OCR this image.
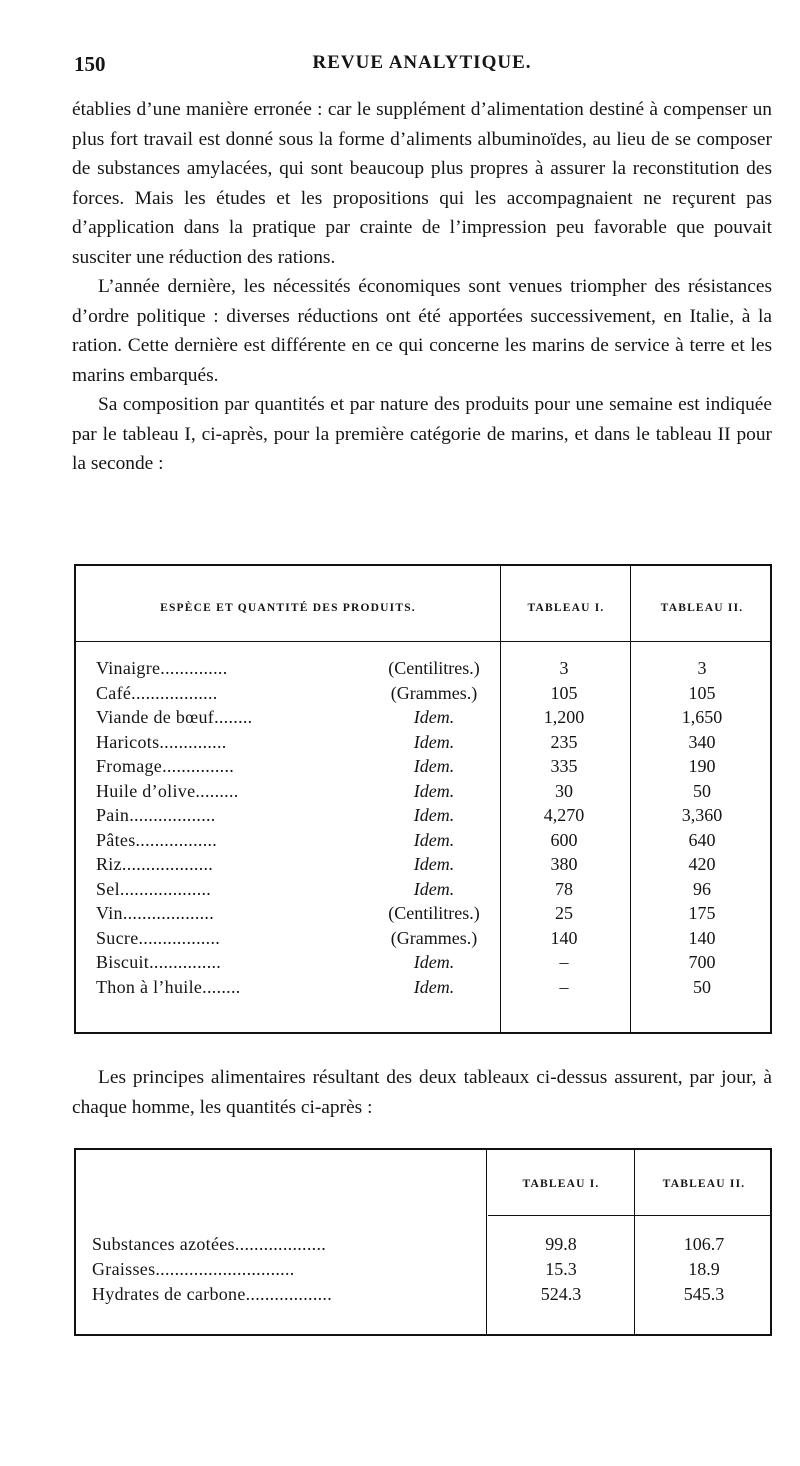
150	REVUE ANALYTIQUE.

établies d’une manière erronée : car le supplément d’alimentation destiné à compenser un plus fort travail est donné sous la forme d’aliments albuminoïdes, au lieu de se composer de substances amylacées, qui sont beaucoup plus propres à assurer la reconstitution des forces. Mais les études et les propositions qui les accompagnaient ne reçurent pas d’application dans la pratique par crainte de l’impression peu favorable que pouvait susciter une réduction des rations.

L’année dernière, les nécessités économiques sont venues triompher des résistances d’ordre politique : diverses réductions ont été apportées successivement, en Italie, à la ration. Cette dernière est différente en ce qui concerne les marins de service à terre et les marins embarqués.

Sa composition par quantités et par nature des produits pour une semaine est indiquée par le tableau I, ci-après, pour la première catégorie de marins, et dans le tableau II pour la seconde :

ESPÈCE ET QUANTITÉ DES PRODUITS.	TABLEAU I.	TABLEAU II.
Vinaigre..............	(Centilitres.)	3	3
Café..................	(Grammes.)	105	105
Viande de bœuf........	Idem.	1,200	1,650
Haricots..............	Idem.	235	340
Fromage...............	Idem.	335	190
Huile d’olive.........	Idem.	30	50
Pain..................	Idem.	4,270	3,360
Pâtes.................	Idem.	600	640
Riz...................	Idem.	380	420
Sel...................	Idem.	78	96
Vin...................	(Centilitres.)	25	175
Sucre.................	(Grammes.)	140	140
Biscuit...............	Idem.	–	700
Thon à l’huile........	Idem.	–	50

Les principes alimentaires résultant des deux tableaux ci-dessus assurent, par jour, à chaque homme, les quantités ci-après :

TABLEAU I.	TABLEAU II.
Substances azotées...................	99.8	106.7
Graisses.............................	15.3	18.9
Hydrates de carbone..................	524.3	545.3
